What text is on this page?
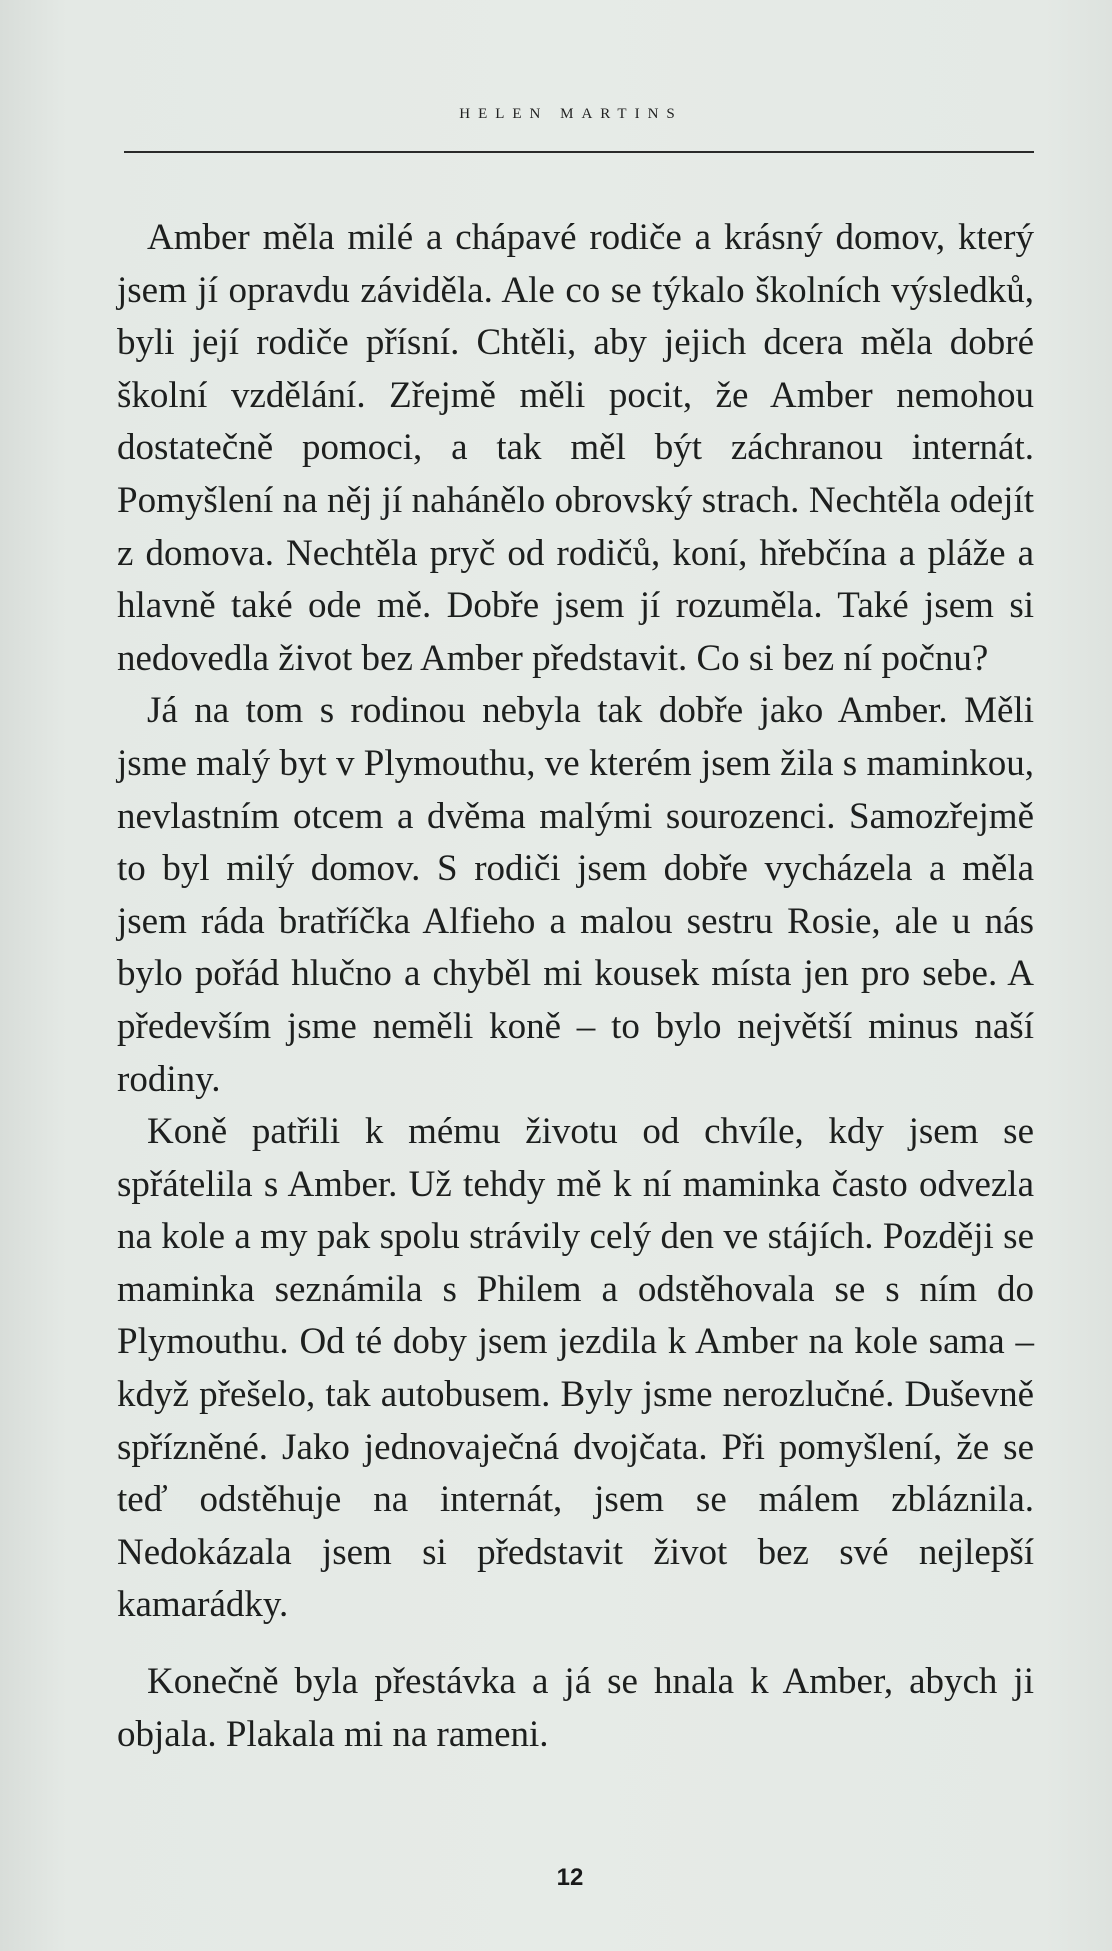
HELEN MARTINS

Amber měla milé a chápavé rodiče a krásný domov, který jsem jí opravdu záviděla. Ale co se týkalo školních výsledků, byli její rodiče přísní. Chtěli, aby jejich dcera měla dobré školní vzdělání. Zřejmě měli pocit, že Amber nemohou dostatečně pomoci, a tak měl být záchranou internát. Pomyšlení na něj jí nahánělo obrovský strach. Nechtěla odejít z domova. Nechtěla pryč od rodičů, koní, hřebčína a pláže a hlavně také ode mě. Dobře jsem jí rozuměla. Také jsem si nedovedla život bez Amber představit. Co si bez ní počnu?

Já na tom s rodinou nebyla tak dobře jako Amber. Měli jsme malý byt v Plymouthu, ve kterém jsem žila s maminkou, nevlastním otcem a dvěma malými sourozenci. Samozřejmě to byl milý domov. S rodiči jsem dobře vycházela a měla jsem ráda bratříčka Alfieho a malou sestru Rosie, ale u nás bylo pořád hlučno a chyběl mi kousek místa jen pro sebe. A především jsme neměli koně – to bylo největší minus naší rodiny.

Koně patřili k mému životu od chvíle, kdy jsem se spřátelila s Amber. Už tehdy mě k ní maminka často odvezla na kole a my pak spolu strávily celý den ve stájích. Později se maminka seznámila s Philem a odstěhovala se s ním do Plymouthu. Od té doby jsem jezdila k Amber na kole sama – když přešelo, tak autobusem. Byly jsme nerozlučné. Duševně spřízněné. Jako jednovaječná dvojčata. Při pomyšlení, že se teď odstěhuje na internát, jsem se málem zbláznila. Nedokázala jsem si představit život bez své nejlepší kamarádky.

Konečně byla přestávka a já se hnala k Amber, abych ji objala. Plakala mi na rameni.

12
